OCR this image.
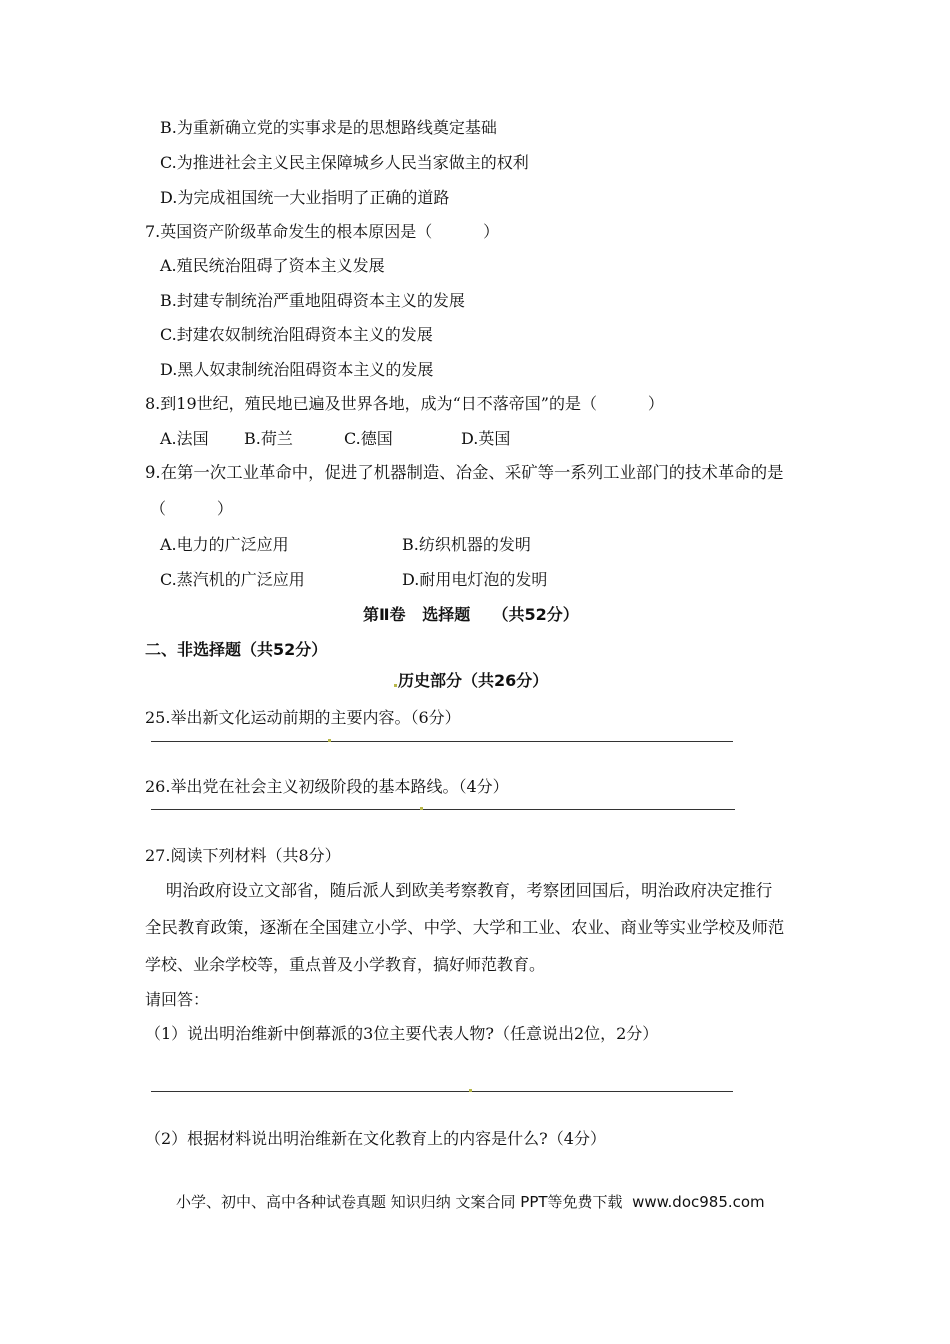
B.为重新确立党的实事求是的思想路线奠定基础
C.为推进社会主义民主保障城乡人民当家做主的权利
D.为完成祖国统一大业指明了正确的道路
7.英国资产阶级革命发生的根本原因是（          ）
A.殖民统治阻碍了资本主义发展
B.封建专制统治严重地阻碍资本主义的发展
C.封建农奴制统治阻碍资本主义的发展
D.黑人奴隶制统治阻碍资本主义的发展
8.到19世纪，殖民地已遍及世界各地，成为“日不落帝国”的是（          ）
A.法国 B.荷兰	C.德国	D.英国
9.在第一次工业革命中，促进了机器制造、冶金、采矿等一系列工业部门的技术革命的是
（          ）
A.电力的广泛应用	B.纺织机器的发明
C.蒸汽机的广泛应用	D.耐用电灯泡的发明
第Ⅱ卷   选择题    （共52分）
二、非选择题（共52分）
历史部分（共26分）
25.举出新文化运动前期的主要内容。（6分）
26.举出党在社会主义初级阶段的基本路线。（4分）
27.阅读下列材料（共8分）
明治政府设立文部省，随后派人到欧美考察教育，考察团回国后，明治政府决定推行
全民教育政策，逐渐在全国建立小学、中学、大学和工业、农业、商业等实业学校及师范
学校、业余学校等，重点普及小学教育，搞好师范教育。
请回答：
（1）说出明治维新中倒幕派的3位主要代表人物?（任意说出2位，2分）
（2）根据材料说出明治维新在文化教育上的内容是什么?（4分）
小学、初中、高中各种试卷真题 知识归纳 文案合同 PPT等免费下载  www.doc985.com
